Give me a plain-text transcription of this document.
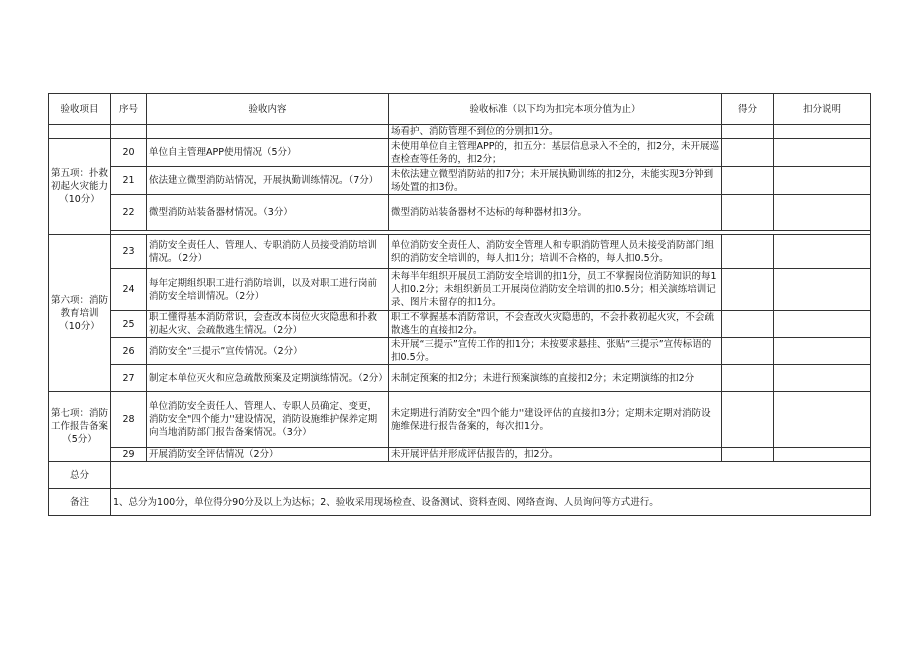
验收项目	序号	验收内容	验收标准（以下均为扣完本项分值为止）	得分	扣分说明
			场看护、消防管理不到位的分别扣1分。		
第五项：扑救初起火灾能力（10分）	20	单位自主管理APP使用情况（5分）	未使用单位自主管理APP的，扣五分：基层信息录入不全的，扣2分，未开展巡查检查等任务的，扣2分；		
	21	依法建立微型消防站情况，开展执勤训练情况。（7分）	未依法建立微型消防站的扣7分；未开展执勤训练的扣2分，未能实现3分钟到场处置的扣3份。		
	22	微型消防站装备器材情况。（3分）	微型消防站装备器材不达标的每种器材扣3分。		

第六项：消防教育培训（10分）	23	消防安全责任人、管理人、专职消防人员接受消防培训情况。（2分）	单位消防安全责任人、消防安全管理人和专职消防管理人员未接受消防部门组织的消防安全培训的，每人扣1分；培训不合格的，每人扣0.5分。		
	24	每年定期组织职工进行消防培训，以及对职工进行岗前消防安全培训情况。（2分）	未每半年组织开展员工消防安全培训的扣1分，员工不掌握岗位消防知识的每1人扣0.2分；未组织新员工开展岗位消防安全培训的扣0.5分；相关演练培训记录、图片未留存的扣1分。		
	25	职工懂得基本消防常识，会查改本岗位火灾隐患和扑救初起火灾、会疏散逃生情况。（2分）	职工不掌握基本消防常识，不会查改火灾隐患的，不会扑救初起火灾，不会疏散逃生的直接扣2分。		
	26	消防安全“三提示”宣传情况。（2分）	未开展“三提示”宣传工作的扣1分；未按要求悬挂、张贴“三提示”宣传标语的扣0.5分。		
	27	制定本单位灭火和应急疏散预案及定期演练情况。（2分）	未制定预案的扣2分；未进行预案演练的直接扣2分；未定期演练的扣2分		
第七项：消防工作报告备案（5分）	28	单位消防安全责任人、管理人、专职人员确定、变更，消防安全"四个能力''建设情况，消防设施维护保养定期向当地消防部门报告备案情况。（3分）	未定期进行消防安全"四个能力''建设评估的直接扣3分；定期未定期对消防设施维保进行报告备案的，每次扣1分。		
	29	开展消防安全评估情况（2分）	未开展评估并形成评估报告的，扣2分。		
总分					
备注	1、总分为100分，单位得分90分及以上为达标；2、验收采用现场检查、设备测试、资料查阅、网络查询、人员询问等方式进行。				
